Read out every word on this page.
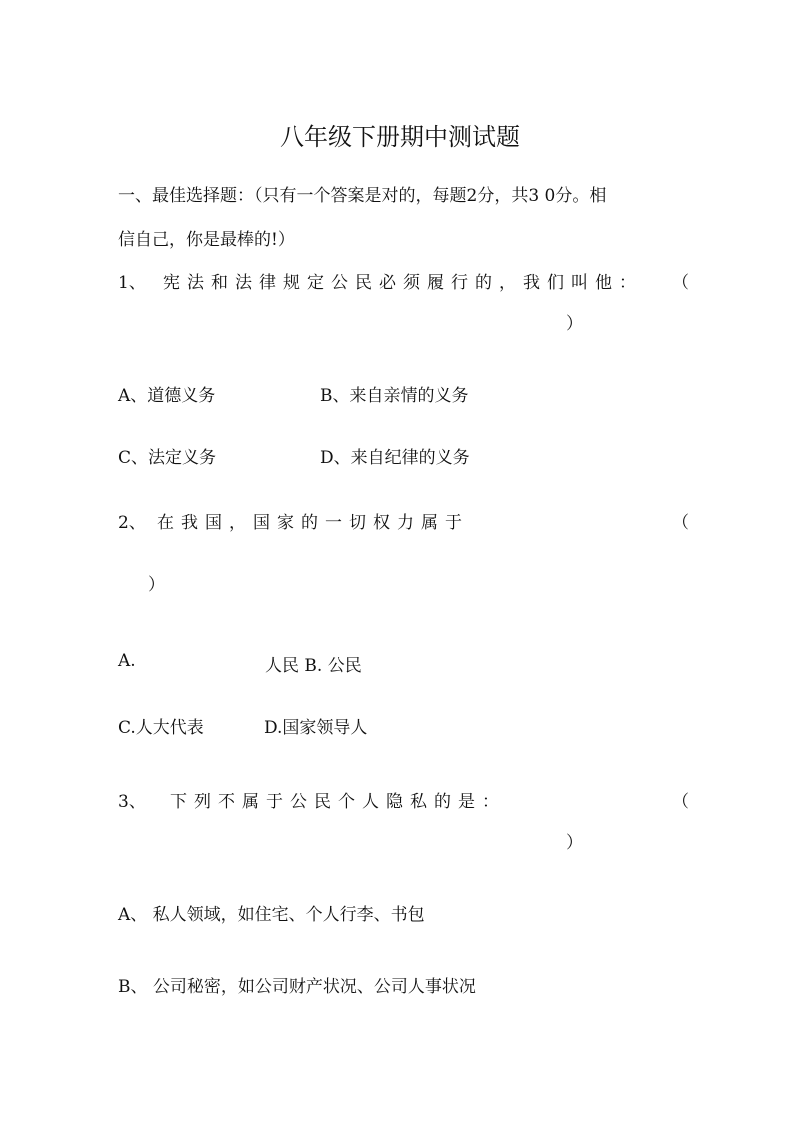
八年级下册期中测试题
一、最佳选择题：（只有一个答案是对的，每题2分，共3 0分。相
信自己，你是最棒的!）
1、 宪法和法律规定公民必须履行的，我们叫他： （
）
A、道德义务	B、来自亲情的义务
C、法定义务	D、来自纪律的义务
2、 在我国，国家的一切权力属于	（
）
A.	人民 B. 公民
C.人大代表	D.国家领导人
3、 下列不属于公民个人隐私的是：	（
）
A、 私人领域，如住宅、个人行李、书包
B、 公司秘密，如公司财产状况、公司人事状况
